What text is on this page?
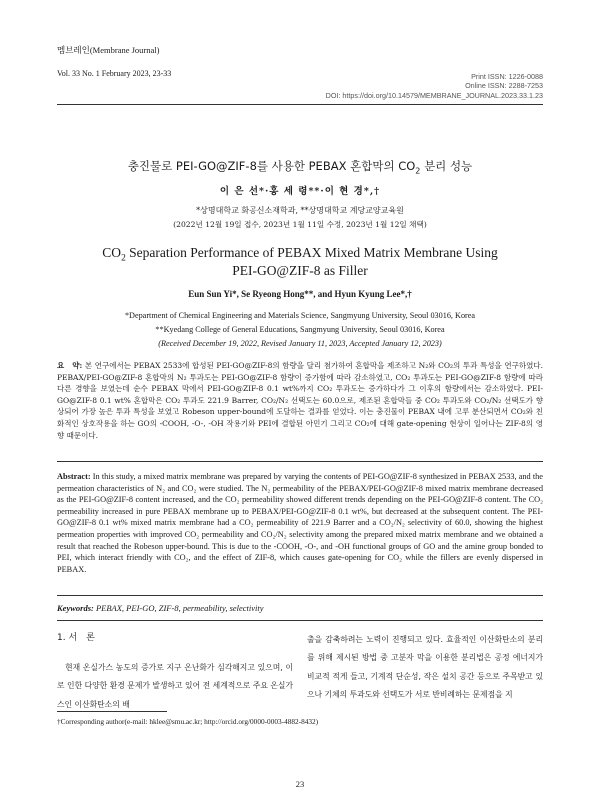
멤브레인(Membrane Journal)
Vol. 33 No. 1 February 2023, 23-33	Print ISSN: 1226-0088
Online ISSN: 2288-7253
DOI: https://doi.org/10.14579/MEMBRANE_JOURNAL.2023.33.1.23
충진물로 PEI-GO@ZIF-8를 사용한 PEBAX 혼합막의 $CO_2$ 분리 성능
이 은 선*·홍 세 령**·이 현 경*,†
*상명대학교 화공신소재학과, **상명대학교 계당교양교육원
(2022년 12월 19일 접수, 2023년 1월 11일 수정, 2023년 1월 12일 채택)
$CO_2$ Separation Performance of PEBAX Mixed Matrix Membrane Using
PEI-GO@ZIF-8 as Filler
Eun Sun Yi*, Se Ryeong Hong**, and Hyun Kyung Lee*,†
*Department of Chemical Engineering and Materials Science, Sangmyung University, Seoul 03016, Korea
**Kyedang College of General Educations, Sangmyung University, Seoul 03016, Korea
(Received December 19, 2022, Revised January 11, 2023, Accepted January 12, 2023)
요　약: 본 연구에서는 PEBAX 2533에 합성된 PEI-GO@ZIF-8의 함량을 달리 첨가하여 혼합막을 제조하고 N₂와 CO₂의 투과 특성을 연구하였다. PEBAX/PEI-GO@ZIF-8 혼합막의 N₂ 투과도는 PEI-GO@ZIF-8 함량이 증가함에 따라 감소하였고, CO₂ 투과도는 PEI-GO@ZIF-8 함량에 따라 다른 경향을 보였는데 순수 PEBAX 막에서 PEI-GO@ZIF-8 0.1 wt%까지 CO₂ 투과도는 증가하다가 그 이후의 함량에서는 감소하였다. PEI-GO@ZIF-8 0.1 wt% 혼합막은 CO₂ 투과도 221.9 Barrer, CO₂/N₂ 선택도는 60.0으로, 제조된 혼합막들 중 CO₂ 투과도와 CO₂/N₂ 선택도가 향상되어 가장 높은 투과 특성을 보였고 Robeson upper-bound에 도달하는 결과를 얻었다. 이는 충진물이 PEBAX 내에 고루 분산되면서 CO₂와 친화적인 상호작용을 하는 GO의 -COOH, -O-, -OH 작용기와 PEI에 결합된 아민기 그리고 CO₂에 대해 gate-opening 현상이 일어나는 ZIF-8의 영향 때문이다.
Abstract: In this study, a mixed matrix membrane was prepared by varying the contents of PEI-GO@ZIF-8 synthesized in PEBAX 2533, and the permeation characteristics of N₂ and CO₂ were studied. The N₂ permeability of the PEBAX/PEI-GO@ZIF-8 mixed matrix membrane decreased as the PEI-GO@ZIF-8 content increased, and the CO₂ permeability showed different trends depending on the PEI-GO@ZIF-8 content. The CO₂ permeability increased in pure PEBAX membrane up to PEBAX/PEI-GO@ZIF-8 0.1 wt%, but decreased at the subsequent content. The PEI-GO@ZIF-8 0.1 wt% mixed matrix membrane had a CO₂ permeability of 221.9 Barrer and a CO₂/N₂ selectivity of 60.0, showing the highest permeation properties with improved CO₂ permeability and CO₂/N₂ selectivity among the prepared mixed matrix membrane and we obtained a result that reached the Robeson upper-bound. This is due to the -COOH, -O-, and -OH functional groups of GO and the amine group bonded to PEI, which interact friendly with CO₂, and the effect of ZIF-8, which causes gate-opening for CO₂ while the fillers are evenly dispersed in PEBAX.
Keywords: PEBAX, PEI-GO, ZIF-8, permeability, selectivity
1. 서　론
　현재 온실가스 농도의 증가로 지구 온난화가 심각해지고 있으며, 이로 인한 다양한 환경 문제가 발생하고 있어 전 세계적으로 주요 온실가스인 이산화탄소의 배
출을 감축하려는 노력이 진행되고 있다. 효율적인 이산화탄소의 분리를 위해 제시된 방법 중 고분자 막을 이용한 분리법은 공정 에너지가 비교적 적게 들고, 기계적 단순성, 작은 설치 공간 등으로 주목받고 있으나 기체의 투과도와 선택도가 서로 반비례하는 문제점을 지
†Corresponding author(e-mail: hklee@smu.ac.kr; http://orcid.org/0000-0003-4882-8432)
23
